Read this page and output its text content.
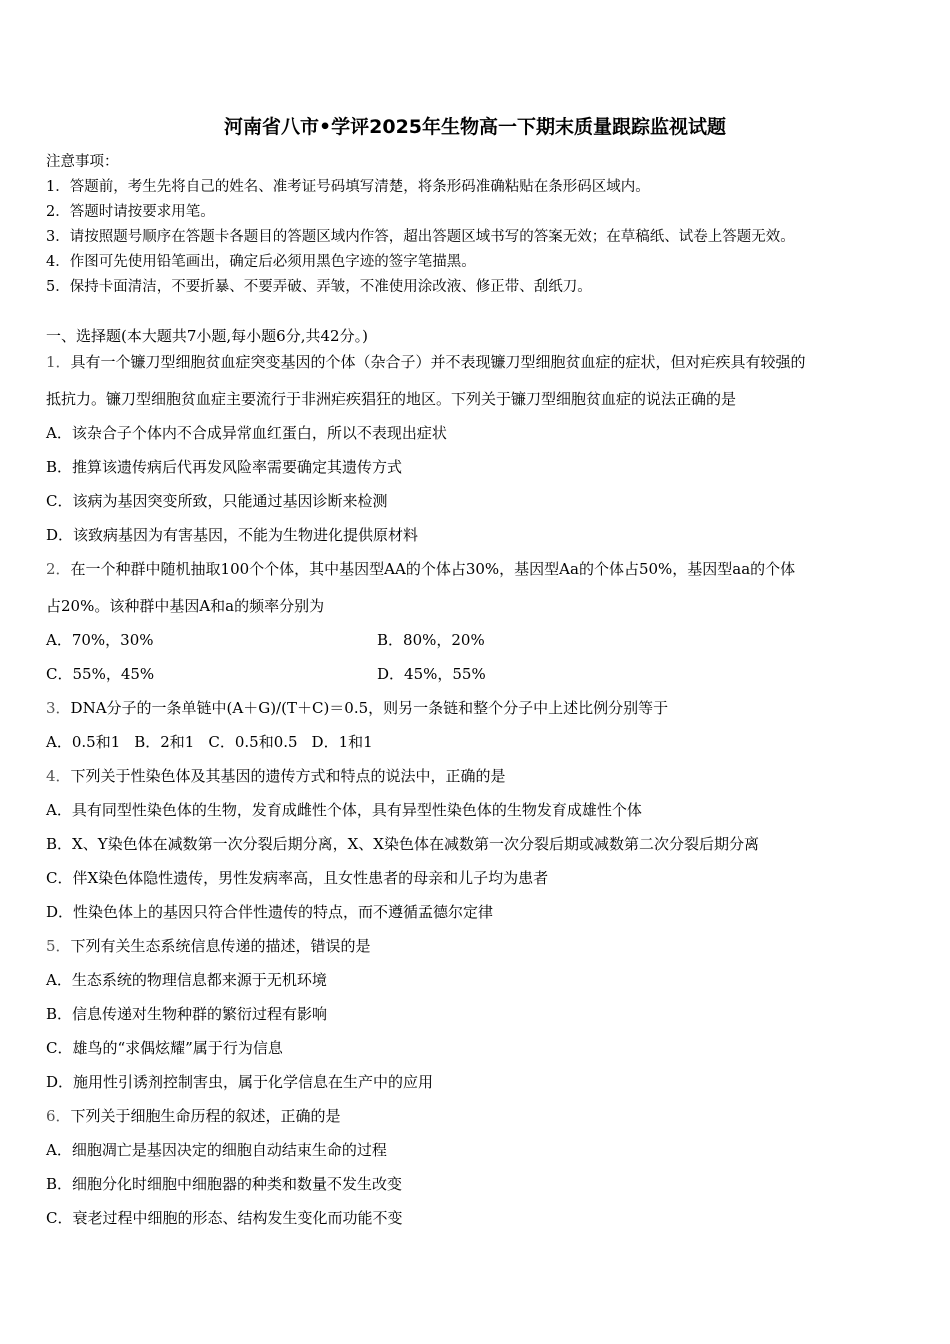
河南省八市•学评2025年生物高一下期末质量跟踪监视试题
注意事项：
1．答题前，考生先将自己的姓名、准考证号码填写清楚，将条形码准确粘贴在条形码区域内。
2．答题时请按要求用笔。
3．请按照题号顺序在答题卡各题目的答题区域内作答，超出答题区域书写的答案无效；在草稿纸、试卷上答题无效。
4．作图可先使用铅笔画出，确定后必须用黑色字迹的签字笔描黑。
5．保持卡面清洁，不要折暴、不要弄破、弄皱，不准使用涂改液、修正带、刮纸刀。
一、选择题(本大题共7小题,每小题6分,共42分。)
1．具有一个镰刀型细胞贫血症突变基因的个体（杂合子）并不表现镰刀型细胞贫血症的症状，但对疟疾具有较强的
抵抗力。镰刀型细胞贫血症主要流行于非洲疟疾猖狂的地区。下列关于镰刀型细胞贫血症的说法正确的是
A．该杂合子个体内不合成异常血红蛋白，所以不表现出症状
B．推算该遗传病后代再发风险率需要确定其遗传方式
C．该病为基因突变所致，只能通过基因诊断来检测
D．该致病基因为有害基因，不能为生物进化提供原材料
2．在一个种群中随机抽取100个个体，其中基因型AA的个体占30%，基因型Aa的个体占50%，基因型aa的个体
占20%。该种群中基因A和a的频率分别为
A．70%，30%	B．80%，20%
C．55%，45%	D．45%，55%
3．DNA分子的一条单链中(A＋G)/(T＋C)＝0.5，则另一条链和整个分子中上述比例分别等于
A．0.5和1 B．2和1 C．0.5和0.5 D．1和1
4．下列关于性染色体及其基因的遗传方式和特点的说法中，正确的是
A．具有同型性染色体的生物，发育成雌性个体，具有异型性染色体的生物发育成雄性个体
B．X、Y染色体在减数第一次分裂后期分离，X、X染色体在减数第一次分裂后期或减数第二次分裂后期分离
C．伴X染色体隐性遗传，男性发病率高，且女性患者的母亲和儿子均为患者
D．性染色体上的基因只符合伴性遗传的特点，而不遵循孟德尔定律
5．下列有关生态系统信息传递的描述，错误的是
A．生态系统的物理信息都来源于无机环境
B．信息传递对生物种群的繁衍过程有影响
C．雄鸟的“求偶炫耀”属于行为信息
D．施用性引诱剂控制害虫，属于化学信息在生产中的应用
6．下列关于细胞生命历程的叙述，正确的是
A．细胞凋亡是基因决定的细胞自动结束生命的过程
B．细胞分化时细胞中细胞器的种类和数量不发生改变
C．衰老过程中细胞的形态、结构发生变化而功能不变
